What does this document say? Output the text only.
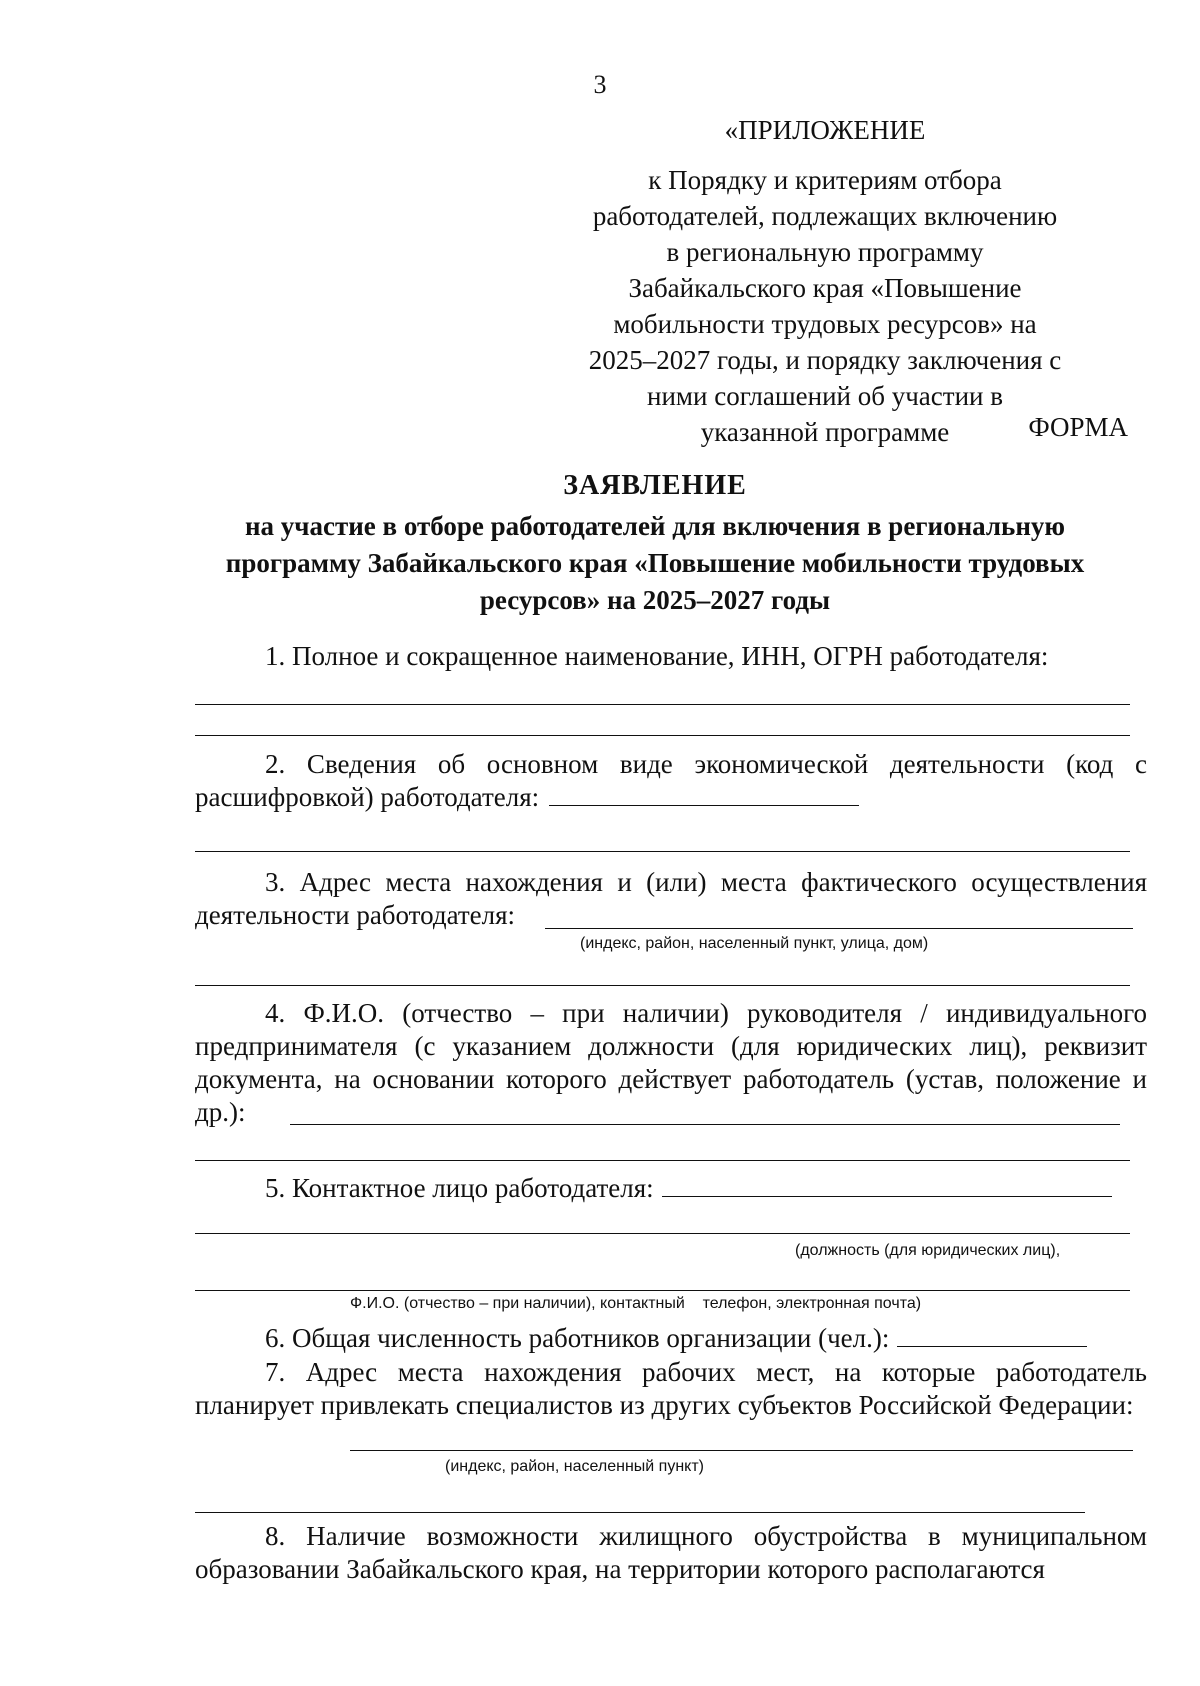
3
«ПРИЛОЖЕНИЕ
к Порядку и критериям отбора работодателей, подлежащих включению в региональную программу Забайкальского края «Повышение мобильности трудовых ресурсов» на 2025–2027 годы, и порядку заключения с ними соглашений об участии в указанной программе	ФОРМА
ЗАЯВЛЕНИЕ
на участие в отборе работодателей для включения в региональную программу Забайкальского края «Повышение мобильности трудовых ресурсов» на 2025–2027 годы
1. Полное и сокращенное наименование, ИНН, ОГРН работодателя:
2. Сведения об основном виде экономической деятельности (код с расшифровкой) работодателя:
3. Адрес места нахождения и (или) места фактического осуществления деятельности работодателя:
(индекс, район, населенный пункт, улица, дом)
4. Ф.И.О. (отчество – при наличии) руководителя / индивидуального предпринимателя (с указанием должности (для юридических лиц), реквизит документа, на основании которого действует работодатель (устав, положение и др.):
5. Контактное лицо работодателя:
(должность (для юридических лиц),
Ф.И.О. (отчество – при наличии), контактный    телефон, электронная почта)
6. Общая численность работников организации (чел.):
7. Адрес места нахождения рабочих мест, на которые работодатель планирует привлекать специалистов из других субъектов Российской Федерации:
(индекс, район, населенный пункт)
8. Наличие возможности жилищного обустройства в муниципальном образовании Забайкальского края, на территории которого располагаются
